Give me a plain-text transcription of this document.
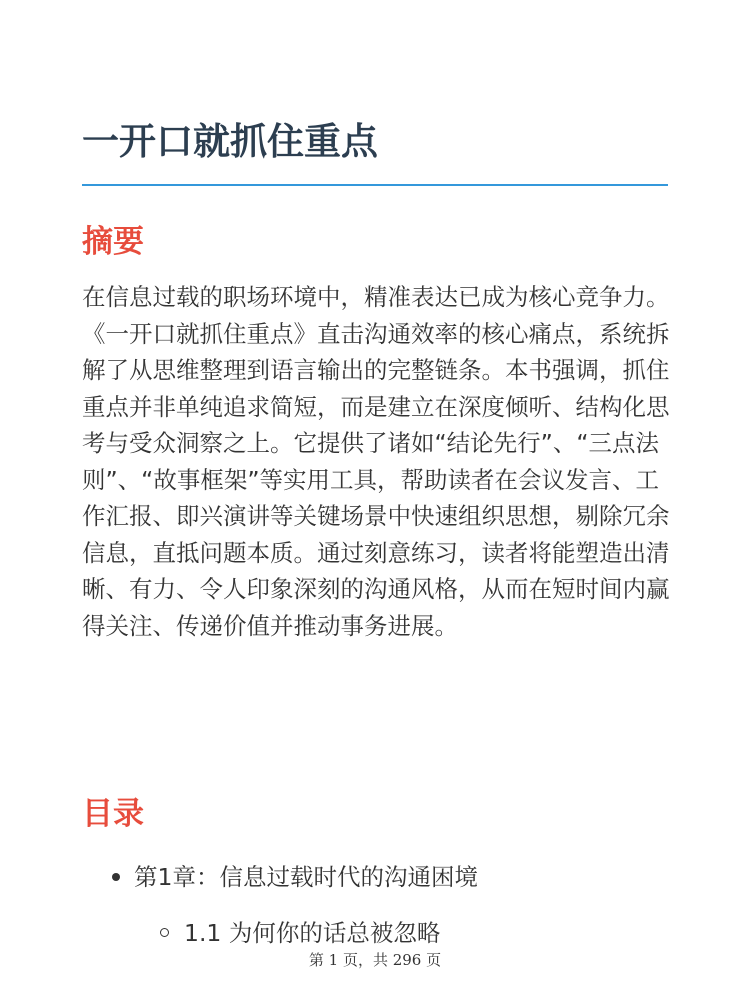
一开口就抓住重点
摘要

在信息过载的职场环境中，精准表达已成为核心竞争力。《一开口就抓住重点》直击沟通效率的核心痛点，系统拆解了从思维整理到语言输出的完整链条。本书强调，抓住重点并非单纯追求简短，而是建立在深度倾听、结构化思考与受众洞察之上。它提供了诸如“结论先行”、“三点法则”、“故事框架”等实用工具，帮助读者在会议发言、工作汇报、即兴演讲等关键场景中快速组织思想，剔除冗余信息，直抵问题本质。通过刻意练习，读者将能塑造出清晰、有力、令人印象深刻的沟通风格，从而在短时间内赢得关注、传递价值并推动事务进展。

目录
第1章：信息过载时代的沟通困境
1.1 为何你的话总被忽略
第 1 页，共 296 页
